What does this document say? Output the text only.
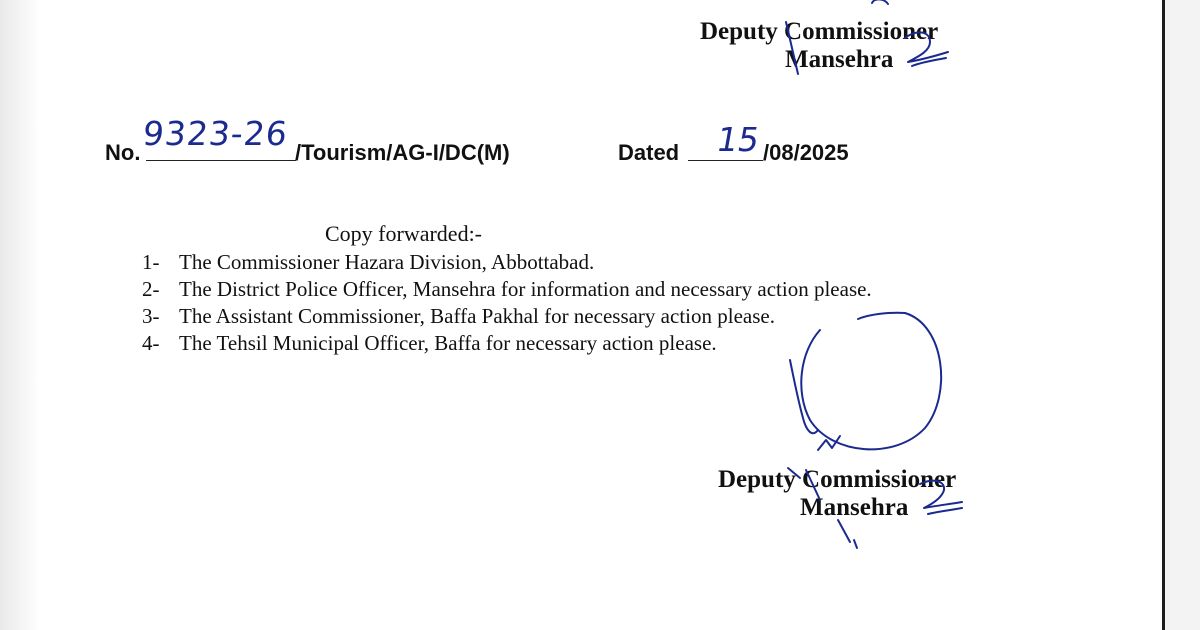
Deputy Commissioner
Mansehra
No. 9323-26 /Tourism/AG-I/DC(M)	Dated 15 /08/2025
Copy forwarded:-
1- The Commissioner Hazara Division, Abbottabad.
2- The District Police Officer, Mansehra for information and necessary action please.
3- The Assistant Commissioner, Baffa Pakhal for necessary action please.
4- The Tehsil Municipal Officer, Baffa for necessary action please.
Deputy Commissioner
Mansehra
